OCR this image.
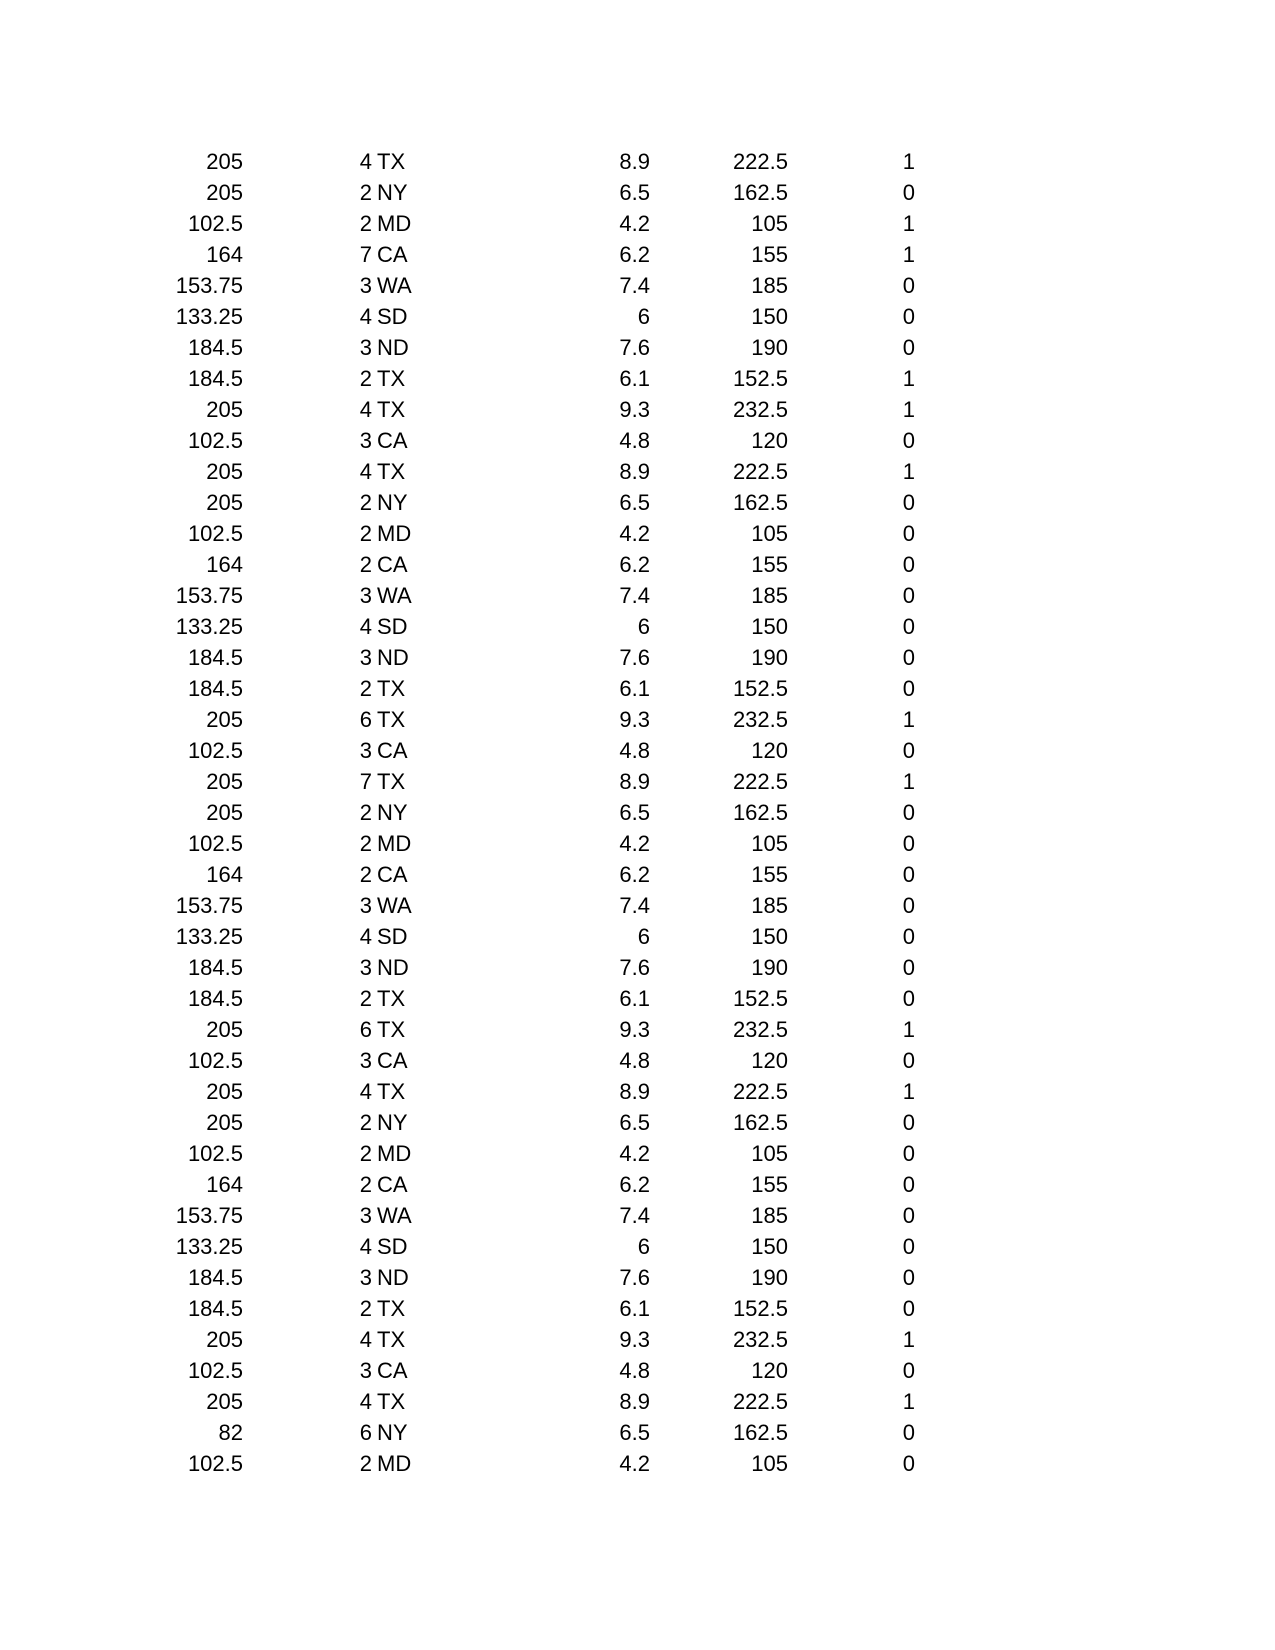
205	4 TX	8.9	222.5	1
205	2 NY	6.5	162.5	0
102.5	2 MD	4.2	105	1
164	7 CA	6.2	155	1
153.75	3 WA	7.4	185	0
133.25	4 SD	6	150	0
184.5	3 ND	7.6	190	0
184.5	2 TX	6.1	152.5	1
205	4 TX	9.3	232.5	1
102.5	3 CA	4.8	120	0
205	4 TX	8.9	222.5	1
205	2 NY	6.5	162.5	0
102.5	2 MD	4.2	105	0
164	2 CA	6.2	155	0
153.75	3 WA	7.4	185	0
133.25	4 SD	6	150	0
184.5	3 ND	7.6	190	0
184.5	2 TX	6.1	152.5	0
205	6 TX	9.3	232.5	1
102.5	3 CA	4.8	120	0
205	7 TX	8.9	222.5	1
205	2 NY	6.5	162.5	0
102.5	2 MD	4.2	105	0
164	2 CA	6.2	155	0
153.75	3 WA	7.4	185	0
133.25	4 SD	6	150	0
184.5	3 ND	7.6	190	0
184.5	2 TX	6.1	152.5	0
205	6 TX	9.3	232.5	1
102.5	3 CA	4.8	120	0
205	4 TX	8.9	222.5	1
205	2 NY	6.5	162.5	0
102.5	2 MD	4.2	105	0
164	2 CA	6.2	155	0
153.75	3 WA	7.4	185	0
133.25	4 SD	6	150	0
184.5	3 ND	7.6	190	0
184.5	2 TX	6.1	152.5	0
205	4 TX	9.3	232.5	1
102.5	3 CA	4.8	120	0
205	4 TX	8.9	222.5	1
82	6 NY	6.5	162.5	0
102.5	2 MD	4.2	105	0
